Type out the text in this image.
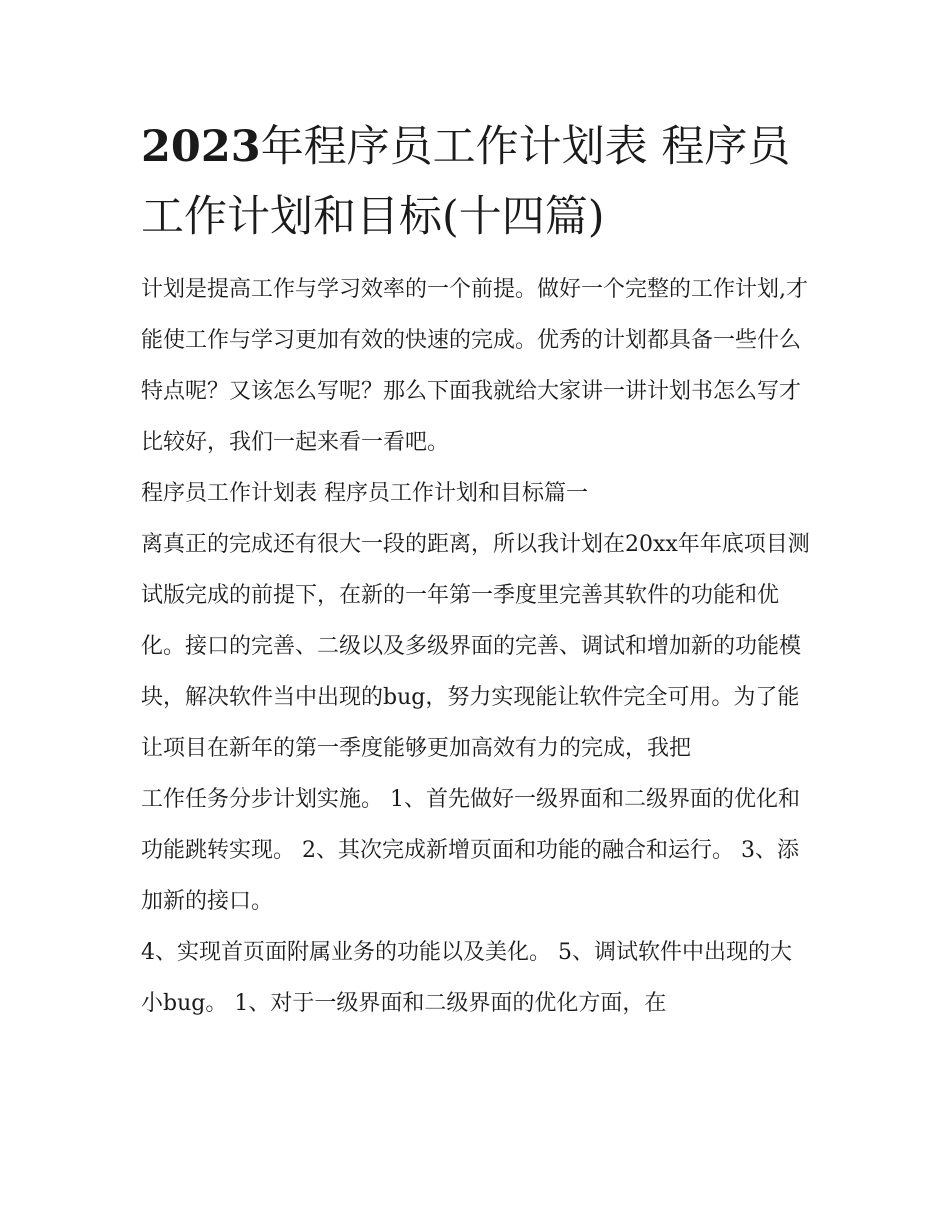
2023年程序员工作计划表 程序员工作计划和目标(十四篇)

计划是提高工作与学习效率的一个前提。做好一个完整的工作计划,才能使工作与学习更加有效的快速的完成。优秀的计划都具备一些什么特点呢？又该怎么写呢？那么下面我就给大家讲一讲计划书怎么写才比较好，我们一起来看一看吧。

程序员工作计划表 程序员工作计划和目标篇一

离真正的完成还有很大一段的距离，所以我计划在20xx年年底项目测试版完成的前提下，在新的一年第一季度里完善其软件的功能和优化。接口的完善、二级以及多级界面的完善、调试和增加新的功能模块，解决软件当中出现的bug，努力实现能让软件完全可用。为了能让项目在新年的第一季度能够更加高效有力的完成，我把

工作任务分步计划实施。 1、首先做好一级界面和二级界面的优化和功能跳转实现。 2、其次完成新增页面和功能的融合和运行。 3、添加新的接口。

4、实现首页面附属业务的功能以及美化。 5、调试软件中出现的大小bug。 1、对于一级界面和二级界面的优化方面，在
